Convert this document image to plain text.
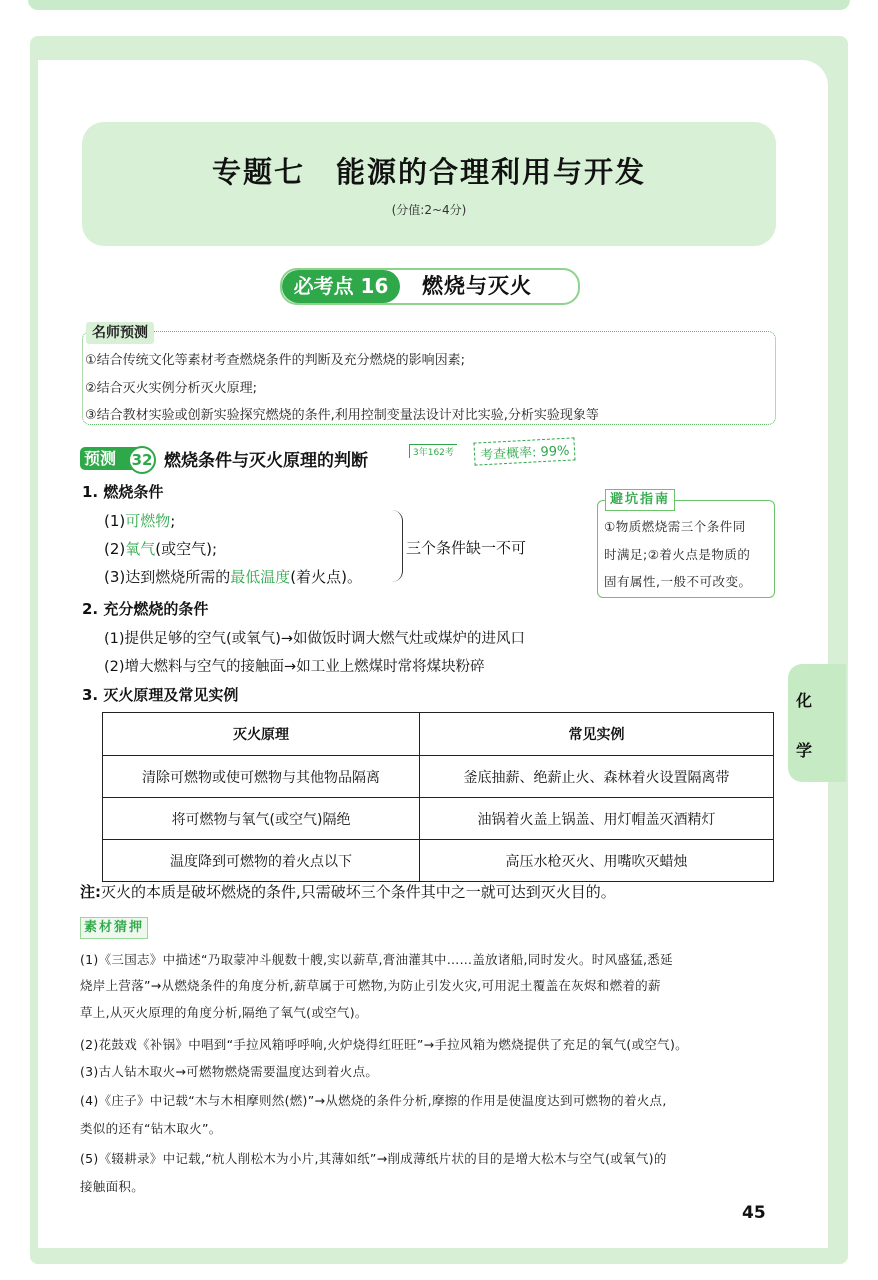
专题七　能源的合理利用与开发
(分值:2~4分)
必考点 16	燃烧与灭火
名师预测
①结合传统文化等素材考查燃烧条件的判断及充分燃烧的影响因素;
②结合灭火实例分析灭火原理;
③结合教材实验或创新实验探究燃烧的条件,利用控制变量法设计对比实验,分析实验现象等
预测	32 燃烧条件与灭火原理的判断	3年162考	考查概率: 99%
1. 燃烧条件
(1)可燃物;
(2)氧气(或空气);
(3)达到燃烧所需的最低温度(着火点)。
三个条件缺一不可
避坑指南
①物质燃烧需三个条件同
时满足;②着火点是物质的
固有属性,一般不可改变。
2. 充分燃烧的条件
(1)提供足够的空气(或氧气)→如做饭时调大燃气灶或煤炉的进风口
(2)增大燃料与空气的接触面→如工业上燃煤时常将煤块粉碎
3. 灭火原理及常见实例
灭火原理	常见实例
清除可燃物或使可燃物与其他物品隔离	釜底抽薪、绝薪止火、森林着火设置隔离带
将可燃物与氧气(或空气)隔绝	油锅着火盖上锅盖、用灯帽盖灭酒精灯
温度降到可燃物的着火点以下	高压水枪灭火、用嘴吹灭蜡烛
注:灭火的本质是破坏燃烧的条件,只需破坏三个条件其中之一就可达到灭火目的。
素材猜押
(1)《三国志》中描述“乃取蒙冲斗舰数十艘,实以薪草,膏油灌其中……盖放诸船,同时发火。时风盛猛,悉延
烧岸上营落”→从燃烧条件的角度分析,薪草属于可燃物,为防止引发火灾,可用泥土覆盖在灰烬和燃着的薪
草上,从灭火原理的角度分析,隔绝了氧气(或空气)。
(2)花鼓戏《补锅》中唱到“手拉风箱呼呼响,火炉烧得红旺旺”→手拉风箱为燃烧提供了充足的氧气(或空气)。
(3)古人钻木取火→可燃物燃烧需要温度达到着火点。
(4)《庄子》中记载“木与木相摩则然(燃)”→从燃烧的条件分析,摩擦的作用是使温度达到可燃物的着火点,
类似的还有“钻木取火”。
(5)《辍耕录》中记载,“杭人削松木为小片,其薄如纸”→削成薄纸片状的目的是增大松木与空气(或氧气)的
接触面积。
化
学
45
